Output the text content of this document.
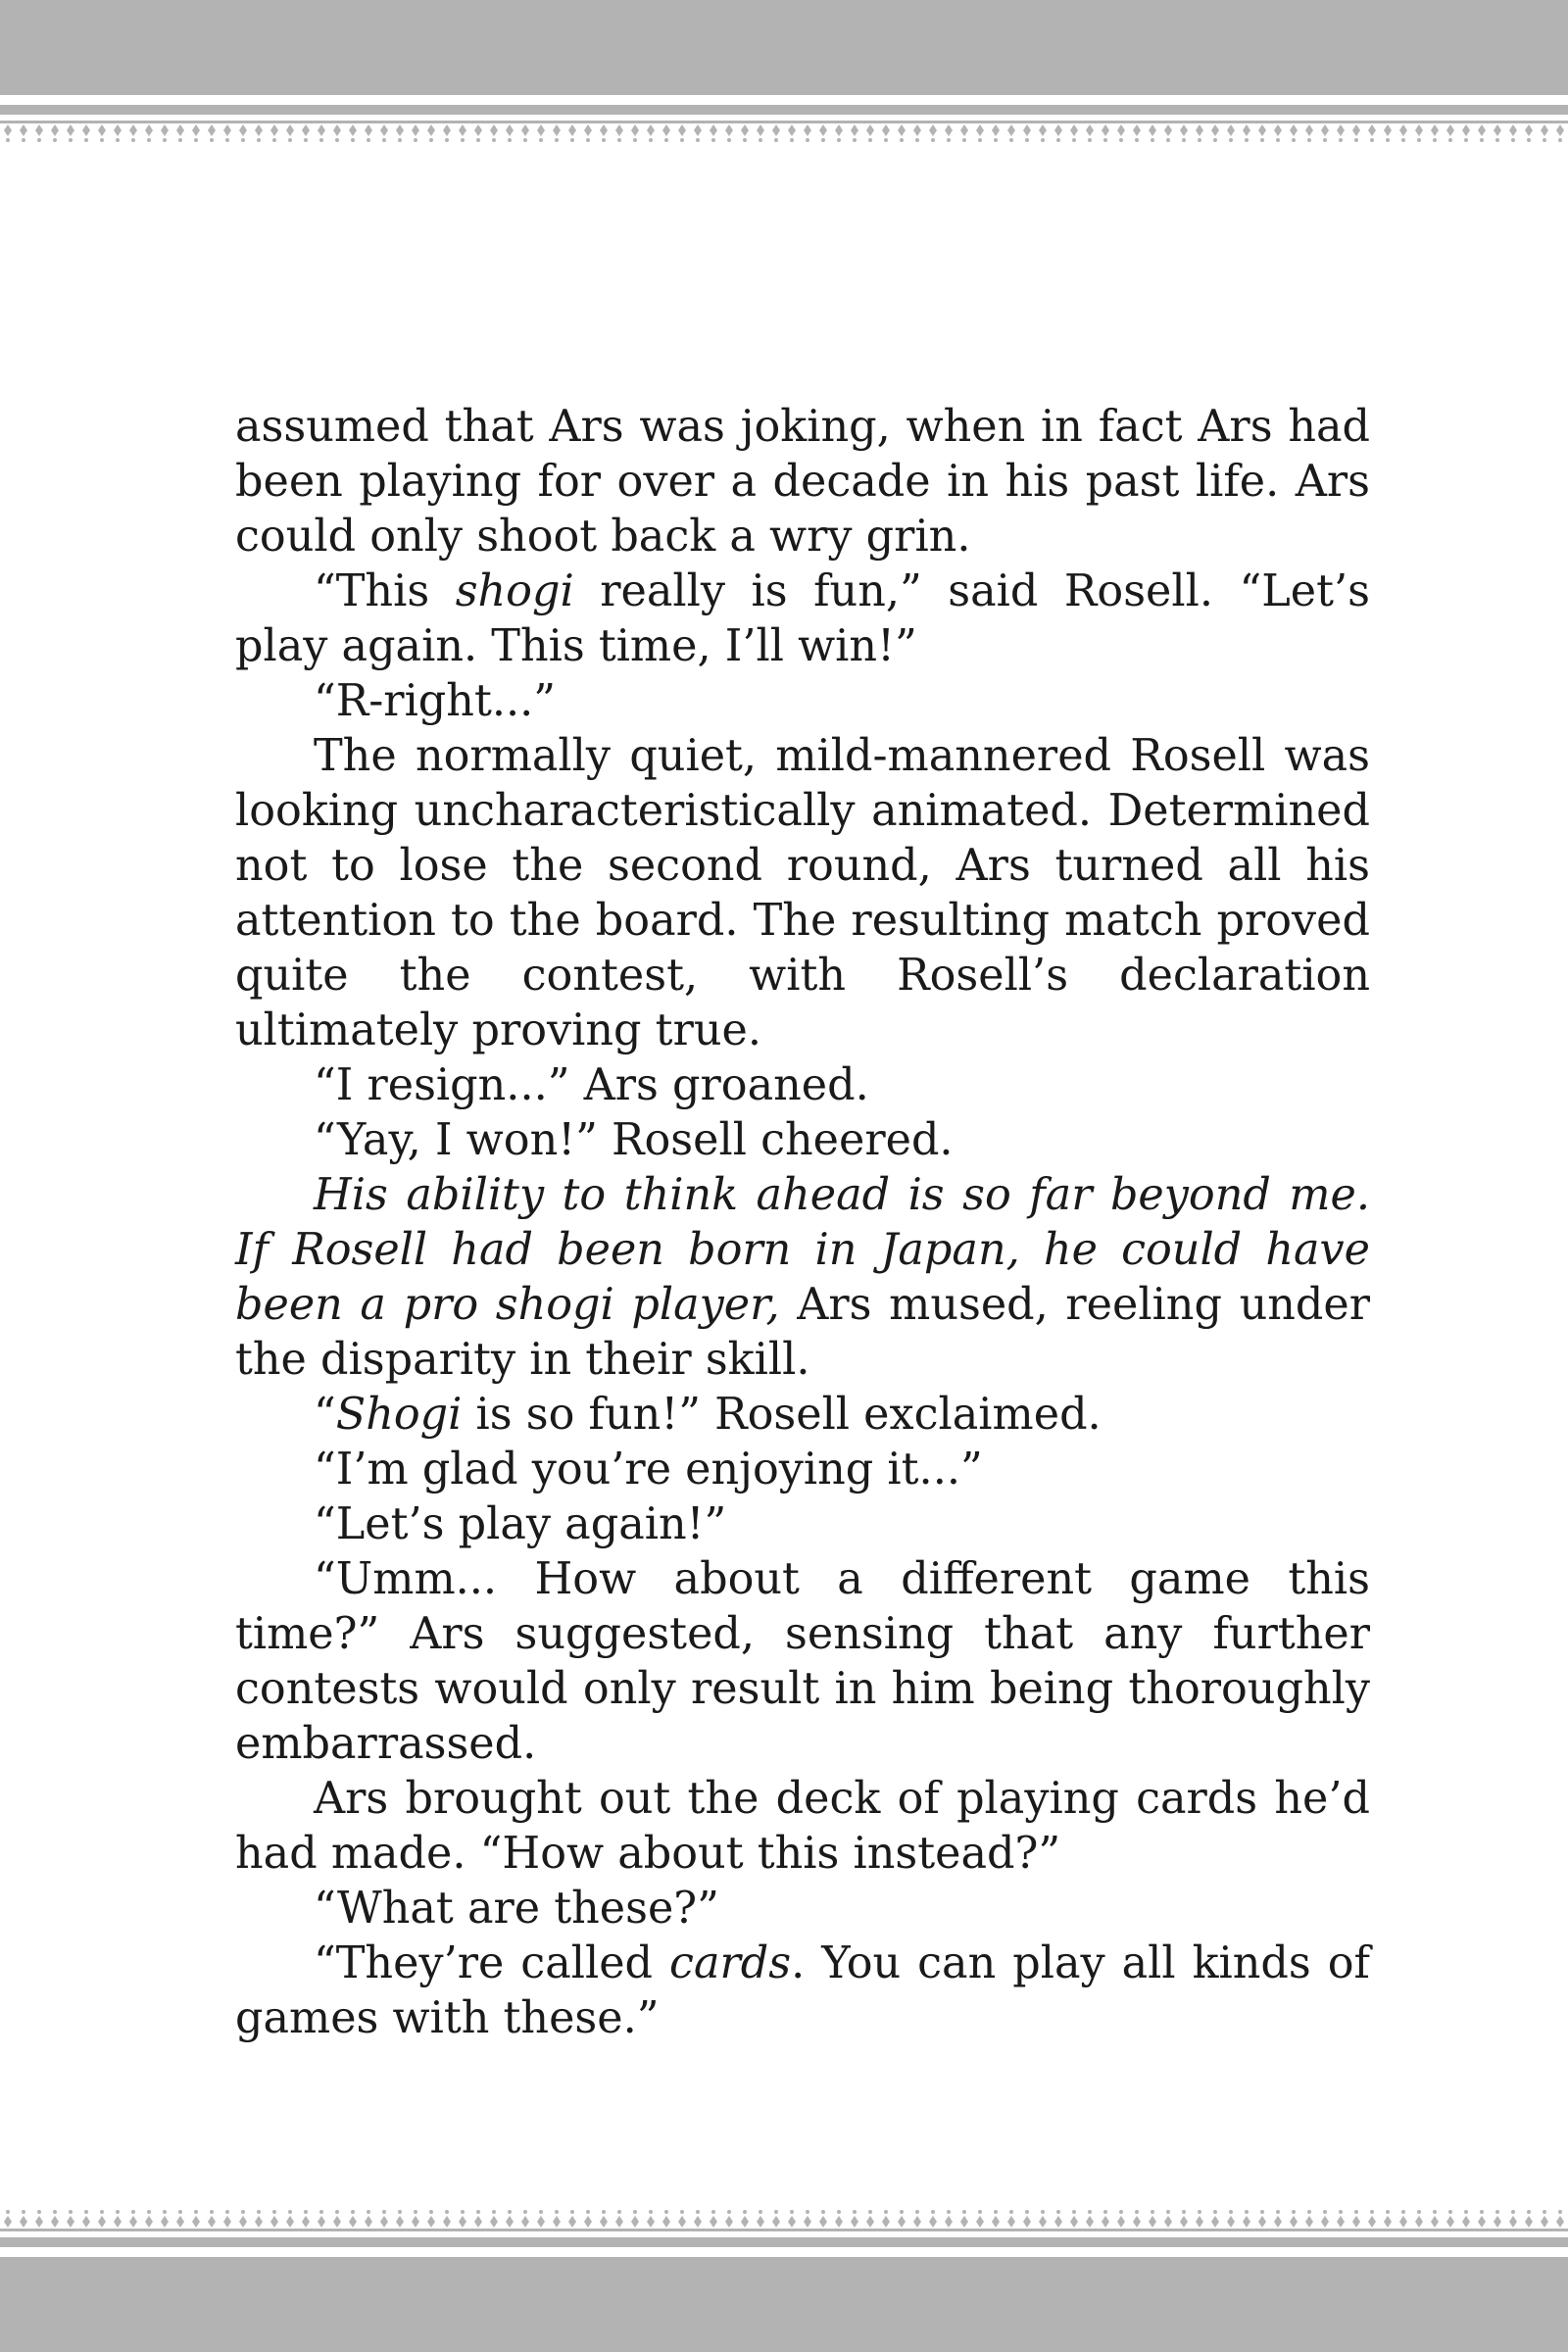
assumed that Ars was joking, when in fact Ars had been playing for over a decade in his past life. Ars could only shoot back a wry grin.

“This shogi really is fun,” said Rosell. “Let’s play again. This time, I’ll win!”

“R-right...”

The normally quiet, mild-mannered Rosell was looking uncharacteristically animated. Determined not to lose the second round, Ars turned all his attention to the board. The resulting match proved quite the contest, with Rosell’s declaration ultimately proving true.

“I resign...” Ars groaned.

“Yay, I won!” Rosell cheered.

His ability to think ahead is so far beyond me. If Rosell had been born in Japan, he could have been a pro shogi player, Ars mused, reeling under the disparity in their skill.

“Shogi is so fun!” Rosell exclaimed.

“I’m glad you’re enjoying it...”

“Let’s play again!”

“Umm... How about a different game this time?” Ars suggested, sensing that any further contests would only result in him being thoroughly embarrassed.

Ars brought out the deck of playing cards he’d had made. “How about this instead?”

“What are these?”

“They’re called cards. You can play all kinds of games with these.”
